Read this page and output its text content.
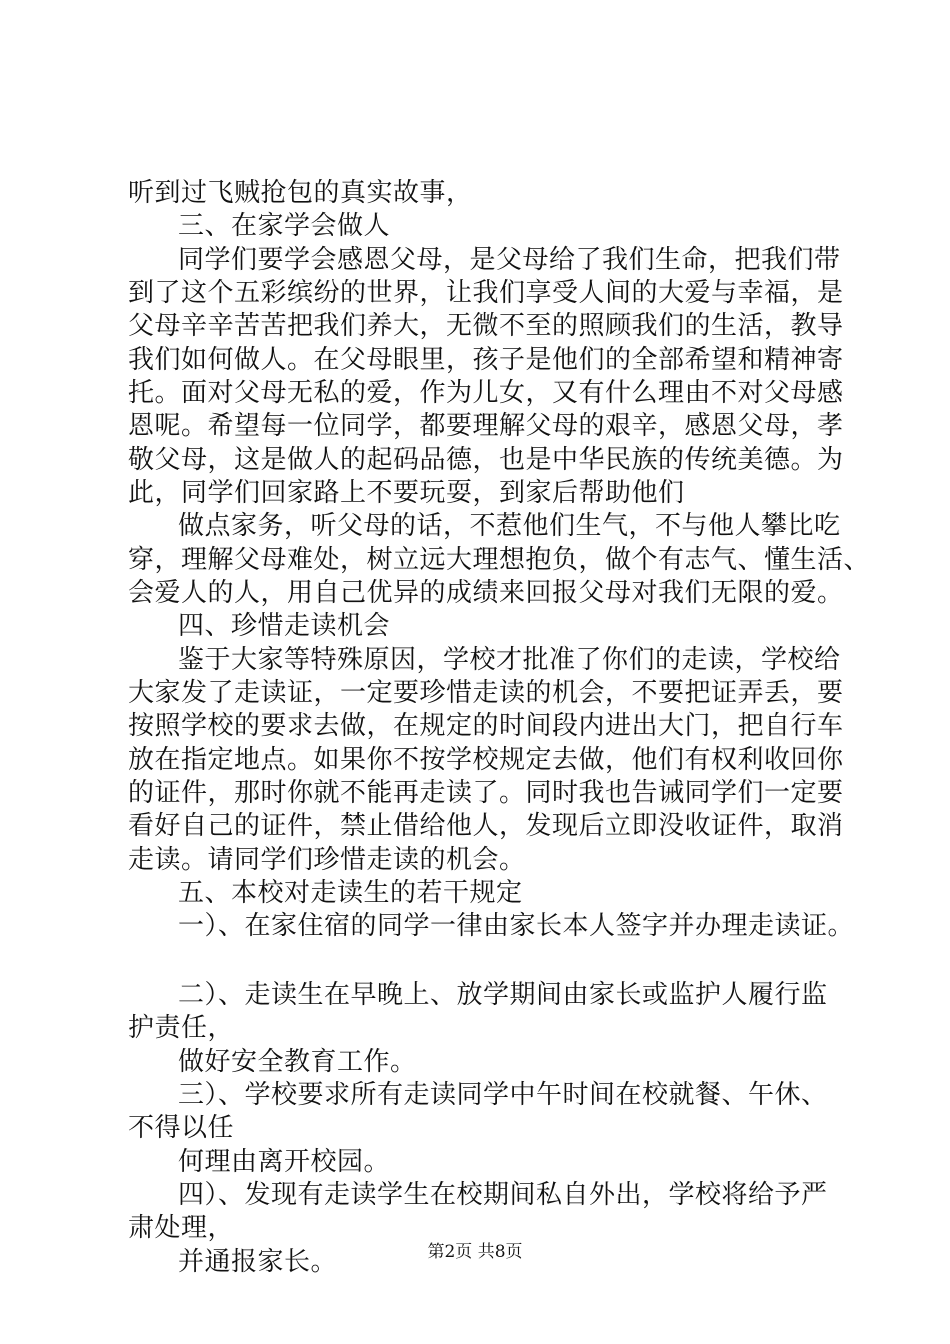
听到过飞贼抢包的真实故事，
三、在家学会做人
同学们要学会感恩父母，是父母给了我们生命，把我们带
到了这个五彩缤纷的世界，让我们享受人间的大爱与幸福，是
父母辛辛苦苦把我们养大，无微不至的照顾我们的生活，教导
我们如何做人。在父母眼里，孩子是他们的全部希望和精神寄
托。面对父母无私的爱，作为儿女，又有什么理由不对父母感
恩呢。希望每一位同学，都要理解父母的艰辛，感恩父母，孝
敬父母，这是做人的起码品德，也是中华民族的传统美德。为
此，同学们回家路上不要玩耍，到家后帮助他们
做点家务，听父母的话，不惹他们生气，不与他人攀比吃
穿，理解父母难处，树立远大理想抱负，做个有志气、懂生活、
会爱人的人，用自己优异的成绩来回报父母对我们无限的爱。
四、珍惜走读机会
鉴于大家等特殊原因，学校才批准了你们的走读，学校给
大家发了走读证，一定要珍惜走读的机会，不要把证弄丢，要
按照学校的要求去做，在规定的时间段内进出大门，把自行车
放在指定地点。如果你不按学校规定去做，他们有权利收回你
的证件，那时你就不能再走读了。同时我也告诫同学们一定要
看好自己的证件，禁止借给他人，发现后立即没收证件，取消
走读。请同学们珍惜走读的机会。
五、本校对走读生的若干规定
一）、在家住宿的同学一律由家长本人签字并办理走读证。
二）、走读生在早晚上、放学期间由家长或监护人履行监
护责任，
做好安全教育工作。
三）、学校要求所有走读同学中午时间在校就餐、午休、
不得以任
何理由离开校园。
四）、发现有走读学生在校期间私自外出，学校将给予严
肃处理，
并通报家长。	第2页 共8页
